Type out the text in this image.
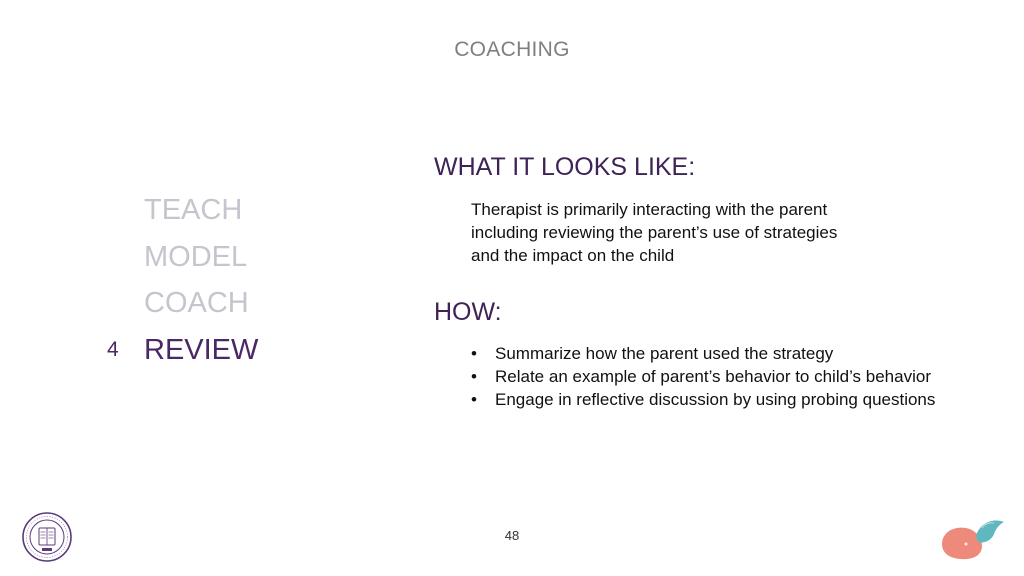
COACHING
TEACH
MODEL
COACH
4 REVIEW
WHAT IT LOOKS LIKE:
Therapist is primarily interacting with the parent
including reviewing the parent’s use of strategies
and the impact on the child
HOW:
• Summarize how the parent used the strategy
• Relate an example of parent’s behavior to child’s behavior
• Engage in reflective discussion by using probing questions
48
